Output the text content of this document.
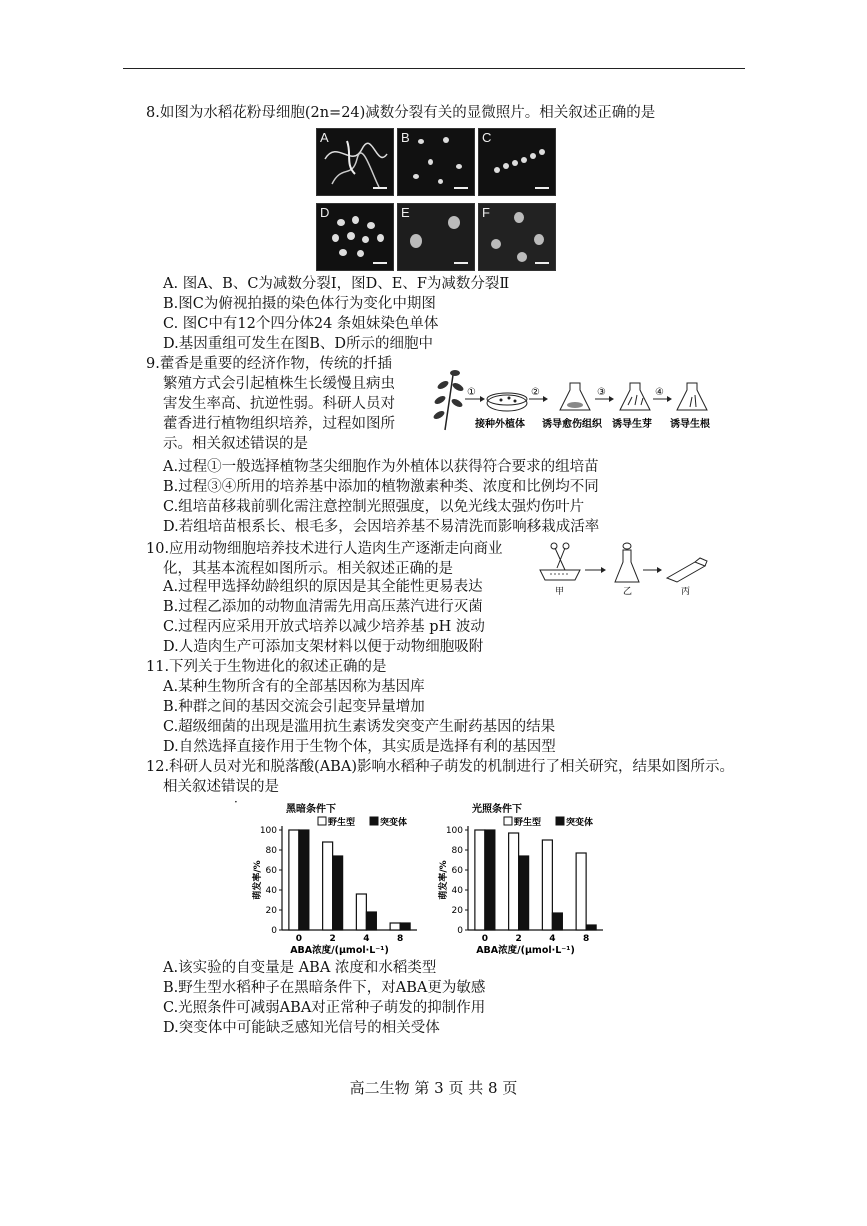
8.如图为水稻花粉母细胞(2n=24)减数分裂有关的显微照片。相关叙述正确的是
A	B	C
D	E	F
A. 图A、B、C为减数分裂Ⅰ，图D、E、F为减数分裂Ⅱ
B.图C为俯视拍摄的染色体行为变化中期图
C. 图C中有12个四分体24 条姐妹染色单体
D.基因重组可发生在图B、D所示的细胞中
9.藿香是重要的经济作物，传统的扦插
繁殖方式会引起植株生长缓慢且病虫
害发生率高、抗逆性弱。科研人员对
藿香进行植物组织培养，过程如图所
示。相关叙述错误的是
①	②	③	④
接种外植体 诱导愈伤组织 诱导生芽 诱导生根
A.过程①一般选择植物茎尖细胞作为外植体以获得符合要求的组培苗
B.过程③④所用的培养基中添加的植物激素种类、浓度和比例均不同
C.组培苗移栽前驯化需注意控制光照强度，以免光线太强灼伤叶片
D.若组培苗根系长、根毛多，会因培养基不易清洗而影响移栽成活率
10.应用动物细胞培养技术进行人造肉生产逐渐走向商业
化，其基本流程如图所示。相关叙述正确的是
甲	乙	丙
A.过程甲选择幼龄组织的原因是其全能性更易表达
B.过程乙添加的动物血清需先用高压蒸汽进行灭菌
C.过程丙应采用开放式培养以减少培养基 pH 波动
D.人造肉生产可添加支架材料以便于动物细胞吸附
11.下列关于生物进化的叙述正确的是
A.某种生物所含有的全部基因称为基因库
B.种群之间的基因交流会引起变异量增加
C.超级细菌的出现是滥用抗生素诱发突变产生耐药基因的结果
D.自然选择直接作用于生物个体，其实质是选择有利的基因型
12.科研人员对光和脱落酸(ABA)影响水稻种子萌发的机制进行了相关研究，结果如图所示。
相关叙述错误的是
黑暗条件下
0
20
40
60
80
100
萌发率/%
0	2	4	8
ABA浓度/(μmol·L⁻¹)
野生型	突变体
光照条件下
0
20
40
60
80
100
萌发率/%
0	2	4	8
ABA浓度/(μmol·L⁻¹)
野生型	突变体
A.该实验的自变量是 ABA 浓度和水稻类型
B.野生型水稻种子在黑暗条件下，对ABA更为敏感
C.光照条件可减弱ABA对正常种子萌发的抑制作用
D.突变体中可能缺乏感知光信号的相关受体
高二生物 第 3 页 共 8 页
